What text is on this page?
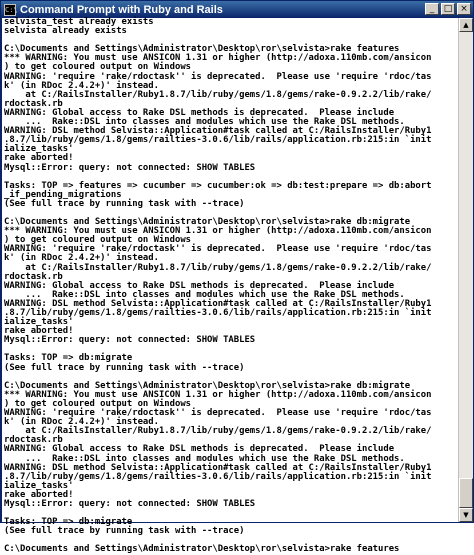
C:\ Command Prompt with Ruby and Rails	_	□ ×
selvista_test already exists
selvista already exists

C:\Documents and Settings\Administrator\Desktop\ror\selvista>rake features
*** WARNING: You must use ANSICON 1.31 or higher (http://adoxa.110mb.com/ansicon
) to get coloured output on Windows
WARNING: 'require 'rake/rdoctask'' is deprecated.  Please use 'require 'rdoc/tas
k' (in RDoc 2.4.2+)' instead.
at C:/RailsInstaller/Ruby1.8.7/lib/ruby/gems/1.8/gems/rake-0.9.2.2/lib/rake/
rdoctask.rb
WARNING: Global access to Rake DSL methods is deprecated.  Please include
...  Rake::DSL into classes and modules which use the Rake DSL methods.
WARNING: DSL method Selvista::Application#task called at C:/RailsInstaller/Ruby1
.8.7/lib/ruby/gems/1.8/gems/railties-3.0.6/lib/rails/application.rb:215:in `init
ialize_tasks'
rake aborted!
Mysql::Error: query: not connected: SHOW TABLES

Tasks: TOP => features => cucumber => cucumber:ok => db:test:prepare => db:abort
_if_pending_migrations
(See full trace by running task with --trace)

C:\Documents and Settings\Administrator\Desktop\ror\selvista>rake db:migrate
*** WARNING: You must use ANSICON 1.31 or higher (http://adoxa.110mb.com/ansicon
) to get coloured output on Windows
WARNING: 'require 'rake/rdoctask'' is deprecated.  Please use 'require 'rdoc/tas
k' (in RDoc 2.4.2+)' instead.
at C:/RailsInstaller/Ruby1.8.7/lib/ruby/gems/1.8/gems/rake-0.9.2.2/lib/rake/
rdoctask.rb
WARNING: Global access to Rake DSL methods is deprecated.  Please include
...  Rake::DSL into classes and modules which use the Rake DSL methods.
WARNING: DSL method Selvista::Application#task called at C:/RailsInstaller/Ruby1
.8.7/lib/ruby/gems/1.8/gems/railties-3.0.6/lib/rails/application.rb:215:in `init
ialize_tasks'
rake aborted!
Mysql::Error: query: not connected: SHOW TABLES

Tasks: TOP => db:migrate
(See full trace by running task with --trace)

C:\Documents and Settings\Administrator\Desktop\ror\selvista>rake db:migrate
*** WARNING: You must use ANSICON 1.31 or higher (http://adoxa.110mb.com/ansicon
) to get coloured output on Windows
WARNING: 'require 'rake/rdoctask'' is deprecated.  Please use 'require 'rdoc/tas
k' (in RDoc 2.4.2+)' instead.
at C:/RailsInstaller/Ruby1.8.7/lib/ruby/gems/1.8/gems/rake-0.9.2.2/lib/rake/
rdoctask.rb
WARNING: Global access to Rake DSL methods is deprecated.  Please include
...  Rake::DSL into classes and modules which use the Rake DSL methods.
WARNING: DSL method Selvista::Application#task called at C:/RailsInstaller/Ruby1
.8.7/lib/ruby/gems/1.8/gems/railties-3.0.6/lib/rails/application.rb:215:in `init
ialize_tasks'
rake aborted!
Mysql::Error: query: not connected: SHOW TABLES

Tasks: TOP => db:migrate
(See full trace by running task with --trace)

C:\Documents and Settings\Administrator\Desktop\ror\selvista>rake features

▲
▼
